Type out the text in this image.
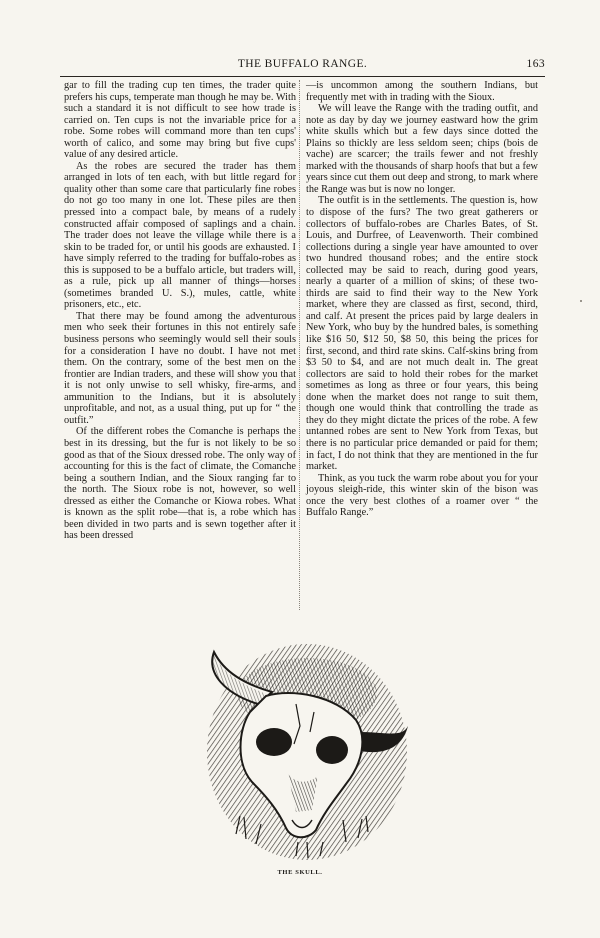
THE BUFFALO RANGE.	163

gar to fill the trading cup ten times, the trader quite prefers his cups, temperate man though he may be. With such a standard it is not difficult to see how trade is carried on. Ten cups is not the invariable price for a robe. Some robes will command more than ten cups' worth of calico, and some may bring but five cups' value of any desired article.

As the robes are secured the trader has them arranged in lots of ten each, with but little regard for quality other than some care that particularly fine robes do not go too many in one lot. These piles are then pressed into a compact bale, by means of a rudely constructed affair composed of saplings and a chain. The trader does not leave the village while there is a skin to be traded for, or until his goods are exhausted. I have simply referred to the trading for buffalo-robes as this is supposed to be a buffalo article, but traders will, as a rule, pick up all manner of things—horses (sometimes branded U. S.), mules, cattle, white prisoners, etc., etc.

That there may be found among the adventurous men who seek their fortunes in this not entirely safe business persons who seemingly would sell their souls for a consideration I have no doubt. I have not met them. On the contrary, some of the best men on the frontier are Indian traders, and these will show you that it is not only unwise to sell whisky, fire-arms, and ammunition to the Indians, but it is absolutely unprofitable, and not, as a usual thing, put up for “ the outfit.”

Of the different robes the Comanche is perhaps the best in its dressing, but the fur is not likely to be so good as that of the Sioux dressed robe. The only way of accounting for this is the fact of climate, the Comanche being a southern Indian, and the Sioux ranging far to the north. The Sioux robe is not, however, so well dressed as either the Comanche or Kiowa robes. What is known as the split robe—that is, a robe which has been divided in two parts and is sewn together after it has been dressed

—is uncommon among the southern Indians, but frequently met with in trading with the Sioux.

We will leave the Range with the trading outfit, and note as day by day we journey eastward how the grim white skulls which but a few days since dotted the Plains so thickly are less seldom seen; chips (bois de vache) are scarcer; the trails fewer and not freshly marked with the thousands of sharp hoofs that but a few years since cut them out deep and strong, to mark where the Range was but is now no longer.

The outfit is in the settlements. The question is, how to dispose of the furs? The two great gatherers or collectors of buffalo-robes are Charles Bates, of St. Louis, and Durfree, of Leavenworth. Their combined collections during a single year have amounted to over two hundred thousand robes; and the entire stock collected may be said to reach, during good years, nearly a quarter of a million of skins; of these two-thirds are said to find their way to the New York market, where they are classed as first, second, third, and calf. At present the prices paid by large dealers in New York, who buy by the hundred bales, is something like $16 50, $12 50, $8 50, this being the prices for first, second, and third rate skins. Calf-skins bring from $3 50 to $4, and are not much dealt in. The great collectors are said to hold their robes for the market sometimes as long as three or four years, this being done when the market does not range to suit them, though one would think that controlling the trade as they do they might dictate the prices of the robe. A few untanned robes are sent to New York from Texas, but there is no particular price demanded or paid for them; in fact, I do not think that they are mentioned in the fur market.

Think, as you tuck the warm robe about you for your joyous sleigh-ride, this winter skin of the bison was once the very best clothes of a roamer over “ the Buffalo Range.”

THE SKULL.
